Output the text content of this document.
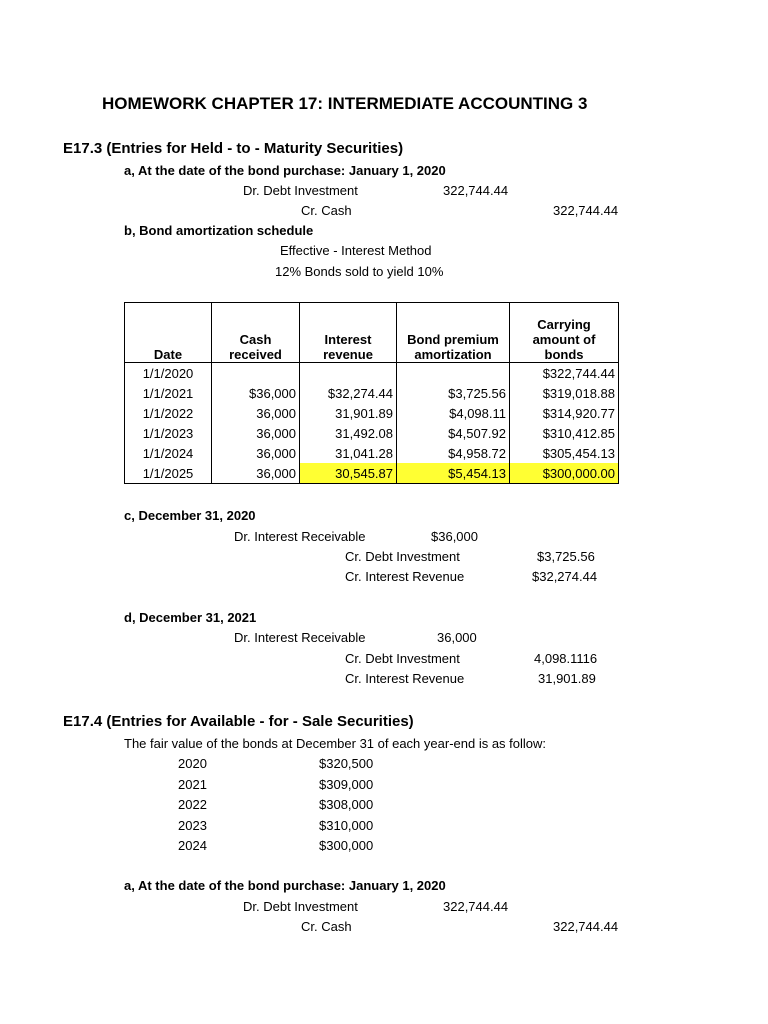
HOMEWORK CHAPTER 17: INTERMEDIATE ACCOUNTING 3
E17.3 (Entries for Held - to - Maturity Securities)
a, At the date of the bond purchase: January 1, 2020
Dr. Debt Investment	322,744.44
Cr. Cash	322,744.44
b, Bond amortization schedule
Effective - Interest Method
12% Bonds sold to yield 10%
Date	Cash received	Interest revenue	Bond premium amortization	Carrying amount of bonds
1/1/2020				$322,744.44
1/1/2021	$36,000	$32,274.44	$3,725.56	$319,018.88
1/1/2022	36,000	31,901.89	$4,098.11	$314,920.77
1/1/2023	36,000	31,492.08	$4,507.92	$310,412.85
1/1/2024	36,000	31,041.28	$4,958.72	$305,454.13
1/1/2025	36,000	30,545.87	$5,454.13	$300,000.00
c, December 31, 2020
Dr. Interest Receivable	$36,000
Cr. Debt Investment	$3,725.56
Cr. Interest Revenue	$32,274.44
d, December 31, 2021
Dr. Interest Receivable	36,000
Cr. Debt Investment	4,098.1116
Cr. Interest Revenue	31,901.89
E17.4 (Entries for Available - for - Sale Securities)
The fair value of the bonds at December 31 of each year-end is as follow:
2020	$320,500
2021	$309,000
2022	$308,000
2023	$310,000
2024	$300,000
a, At the date of the bond purchase: January 1, 2020
Dr. Debt Investment	322,744.44
Cr. Cash	322,744.44
